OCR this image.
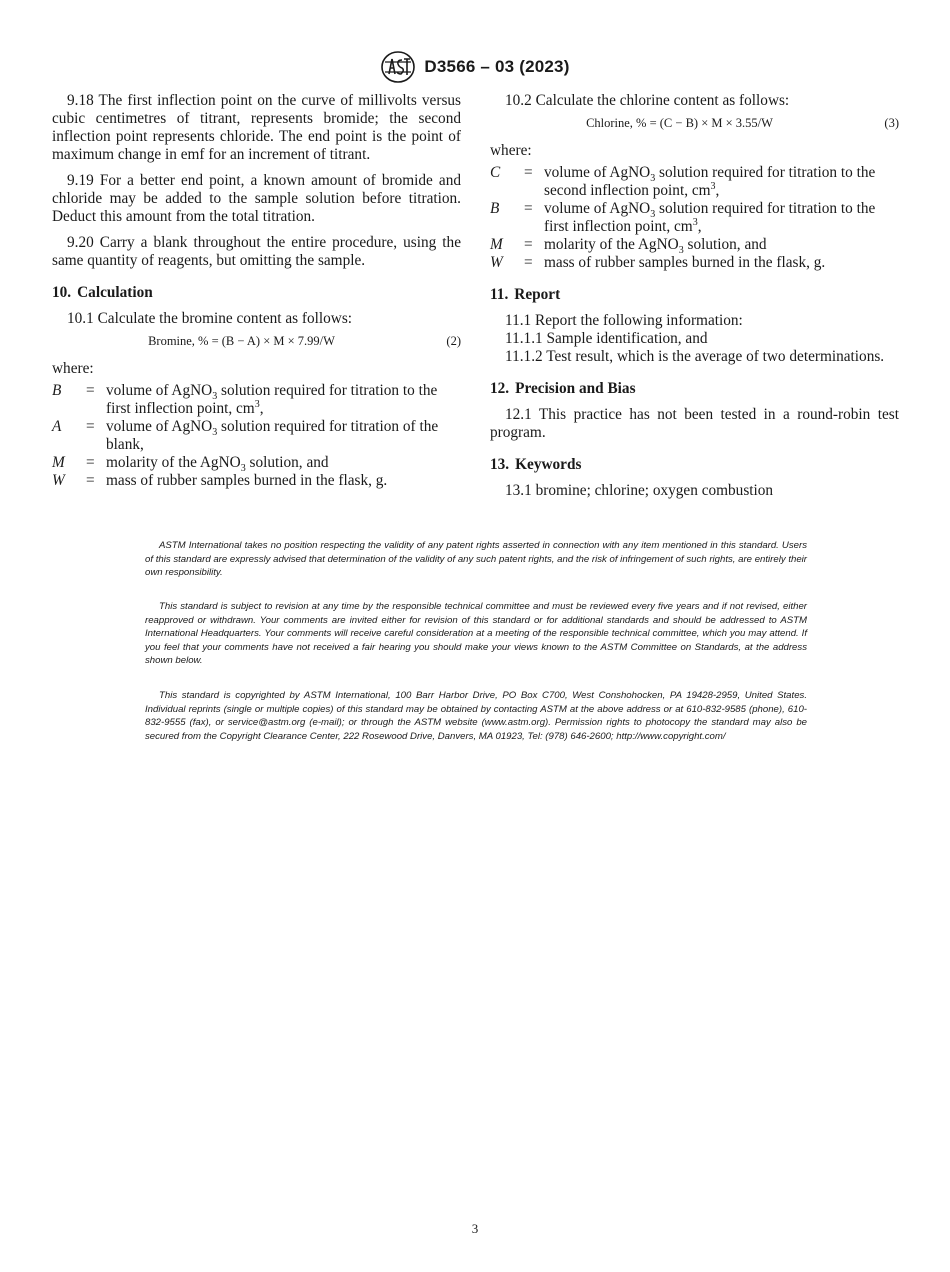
D3566 – 03 (2023)

9.18 The first inflection point on the curve of millivolts versus cubic centimetres of titrant, represents bromide; the second inflection point represents chloride. The end point is the point of maximum change in emf for an increment of titrant.

9.19 For a better end point, a known amount of bromide and chloride may be added to the sample solution before titration. Deduct this amount from the total titration.

9.20 Carry a blank throughout the entire procedure, using the same quantity of reagents, but omitting the sample.

10. Calculation

10.1 Calculate the bromine content as follows:

Bromine, % = (B − A) × M × 7.99/W	(2)

where:

B	=	volume of AgNO$_3$ solution required for titration to the first inflection point, $cm^3$,
A	=	volume of AgNO$_3$ solution required for titration of the blank,
M	=	molarity of the AgNO$_3$ solution, and
W	=	mass of rubber samples burned in the flask, g.

10.2 Calculate the chlorine content as follows:

Chlorine, % = (C − B) × M × 3.55/W	(3)

where:

C	=	volume of AgNO$_3$ solution required for titration to the second inflection point, $cm^3$,
B	=	volume of AgNO$_3$ solution required for titration to the first inflection point, $cm^3$,
M	=	molarity of the AgNO$_3$ solution, and
W	=	mass of rubber samples burned in the flask, g.
11. Report

11.1 Report the following information:

11.1.1 Sample identification, and

11.1.2 Test result, which is the average of two determinations.

12. Precision and Bias

12.1 This practice has not been tested in a round-robin test program.

13. Keywords

13.1 bromine; chlorine; oxygen combustion

ASTM International takes no position respecting the validity of any patent rights asserted in connection with any item mentioned in this standard. Users of this standard are expressly advised that determination of the validity of any such patent rights, and the risk of infringement of such rights, are entirely their own responsibility.

This standard is subject to revision at any time by the responsible technical committee and must be reviewed every five years and if not revised, either reapproved or withdrawn. Your comments are invited either for revision of this standard or for additional standards and should be addressed to ASTM International Headquarters. Your comments will receive careful consideration at a meeting of the responsible technical committee, which you may attend. If you feel that your comments have not received a fair hearing you should make your views known to the ASTM Committee on Standards, at the address shown below.

This standard is copyrighted by ASTM International, 100 Barr Harbor Drive, PO Box C700, West Conshohocken, PA 19428-2959, United States. Individual reprints (single or multiple copies) of this standard may be obtained by contacting ASTM at the above address or at 610-832-9585 (phone), 610-832-9555 (fax), or service@astm.org (e-mail); or through the ASTM website (www.astm.org). Permission rights to photocopy the standard may also be secured from the Copyright Clearance Center, 222 Rosewood Drive, Danvers, MA 01923, Tel: (978) 646-2600; http://www.copyright.com/

3
